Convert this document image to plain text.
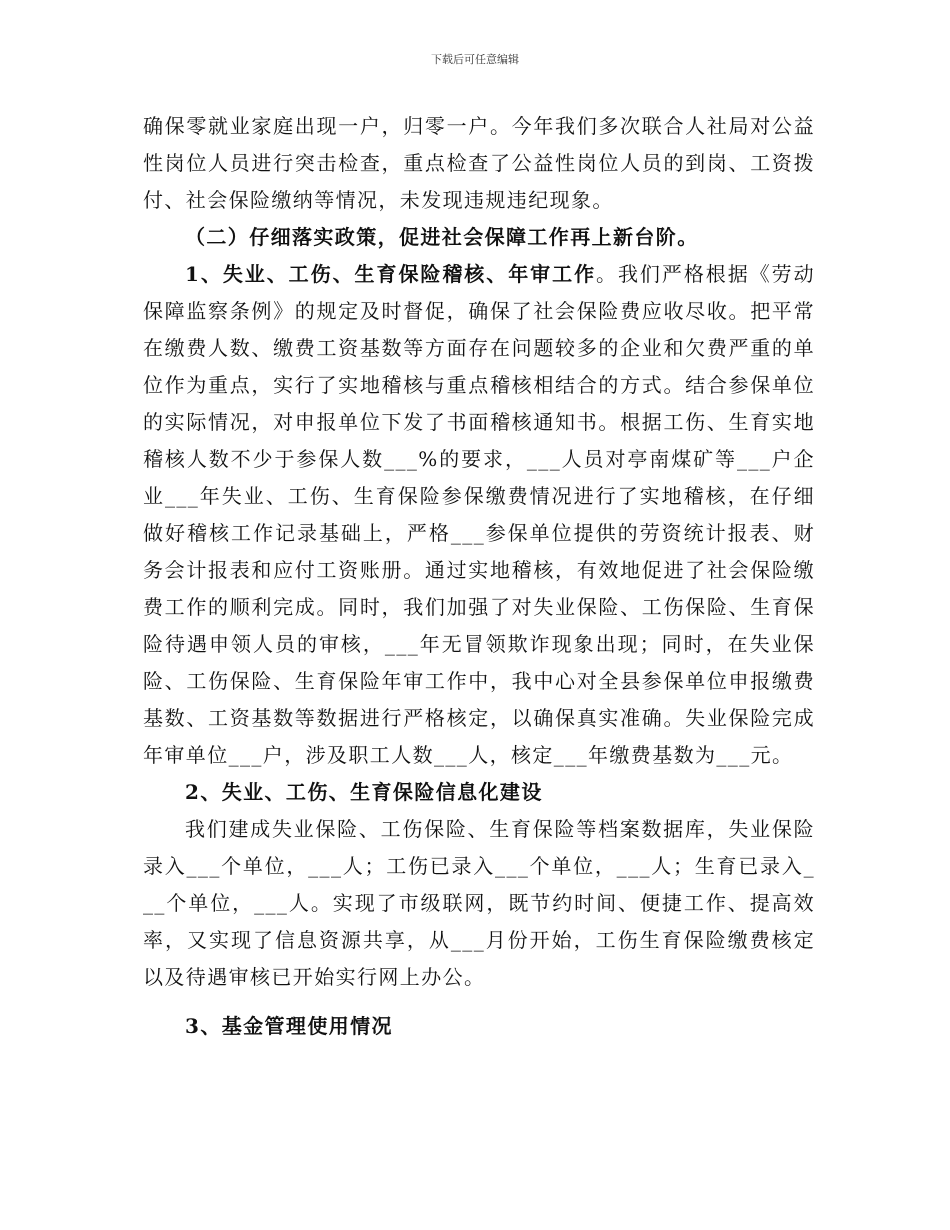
下载后可任意编辑

确保零就业家庭出现一户，归零一户。今年我们多次联合人社局对公益性岗位人员进行突击检查，重点检查了公益性岗位人员的到岗、工资拨付、社会保险缴纳等情况，未发现违规违纪现象。

（二）仔细落实政策，促进社会保障工作再上新台阶。

1、失业、工伤、生育保险稽核、年审工作。我们严格根据《劳动保障监察条例》的规定及时督促，确保了社会保险费应收尽收。把平常在缴费人数、缴费工资基数等方面存在问题较多的企业和欠费严重的单位作为重点，实行了实地稽核与重点稽核相结合的方式。结合参保单位的实际情况，对申报单位下发了书面稽核通知书。根据工伤、生育实地稽核人数不少于参保人数___%的要求，___人员对亭南煤矿等___户企业___年失业、工伤、生育保险参保缴费情况进行了实地稽核，在仔细做好稽核工作记录基础上，严格___参保单位提供的劳资统计报表、财务会计报表和应付工资账册。通过实地稽核，有效地促进了社会保险缴费工作的顺利完成。同时，我们加强了对失业保险、工伤保险、生育保险待遇申领人员的审核，___年无冒领欺诈现象出现；同时，在失业保险、工伤保险、生育保险年审工作中，我中心对全县参保单位申报缴费基数、工资基数等数据进行严格核定，以确保真实准确。失业保险完成年审单位___户，涉及职工人数___人，核定___年缴费基数为___元。

2、失业、工伤、生育保险信息化建设

我们建成失业保险、工伤保险、生育保险等档案数据库，失业保险录入___个单位，___人；工伤已录入___个单位，___人；生育已录入___个单位，___人。实现了市级联网，既节约时间、便捷工作、提高效率，又实现了信息资源共享，从___月份开始，工伤生育保险缴费核定以及待遇审核已开始实行网上办公。

3、基金管理使用情况
